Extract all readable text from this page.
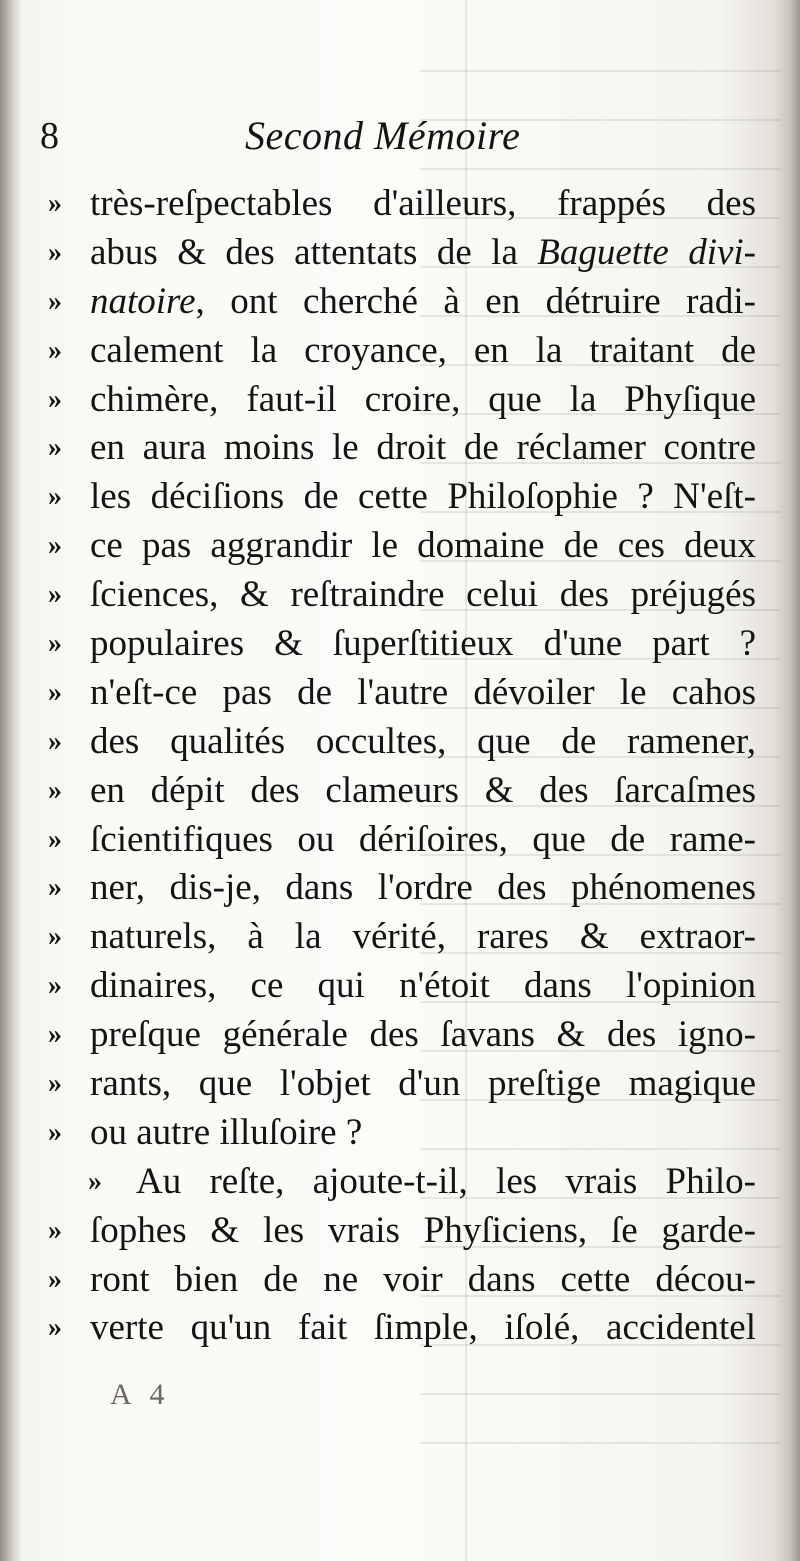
8	Second Mémoire
» très-reſpectables d'ailleurs, frappés des
» abus & des attentats de la Baguette divi-
» natoire, ont cherché à en détruire radi-
» calement la croyance, en la traitant de
» chimère, faut-il croire, que la Phyſique
» en aura moins le droit de réclamer contre
» les déciſions de cette Philoſophie ? N'eſt-
» ce pas aggrandir le domaine de ces deux
» ſciences, & reſtraindre celui des préjugés
» populaires & ſuperſtitieux d'une part ?
» n'eſt-ce pas de l'autre dévoiler le cahos
» des qualités occultes, que de ramener,
» en dépit des clameurs & des ſarcaſmes
» ſcientifiques ou dériſoires, que de rame-
» ner, dis-je, dans l'ordre des phénomenes
» naturels, à la vérité, rares & extraor-
» dinaires, ce qui n'étoit dans l'opinion
» preſque générale des ſavans & des igno-
» rants, que l'objet d'un preſtige magique
» ou autre illuſoire ?
» Au reſte, ajoute-t-il, les vrais Philo-
» ſophes & les vrais Phyſiciens, ſe garde-
» ront bien de ne voir dans cette décou-
» verte qu'un fait ſimple, iſolé, accidentel
A 4
